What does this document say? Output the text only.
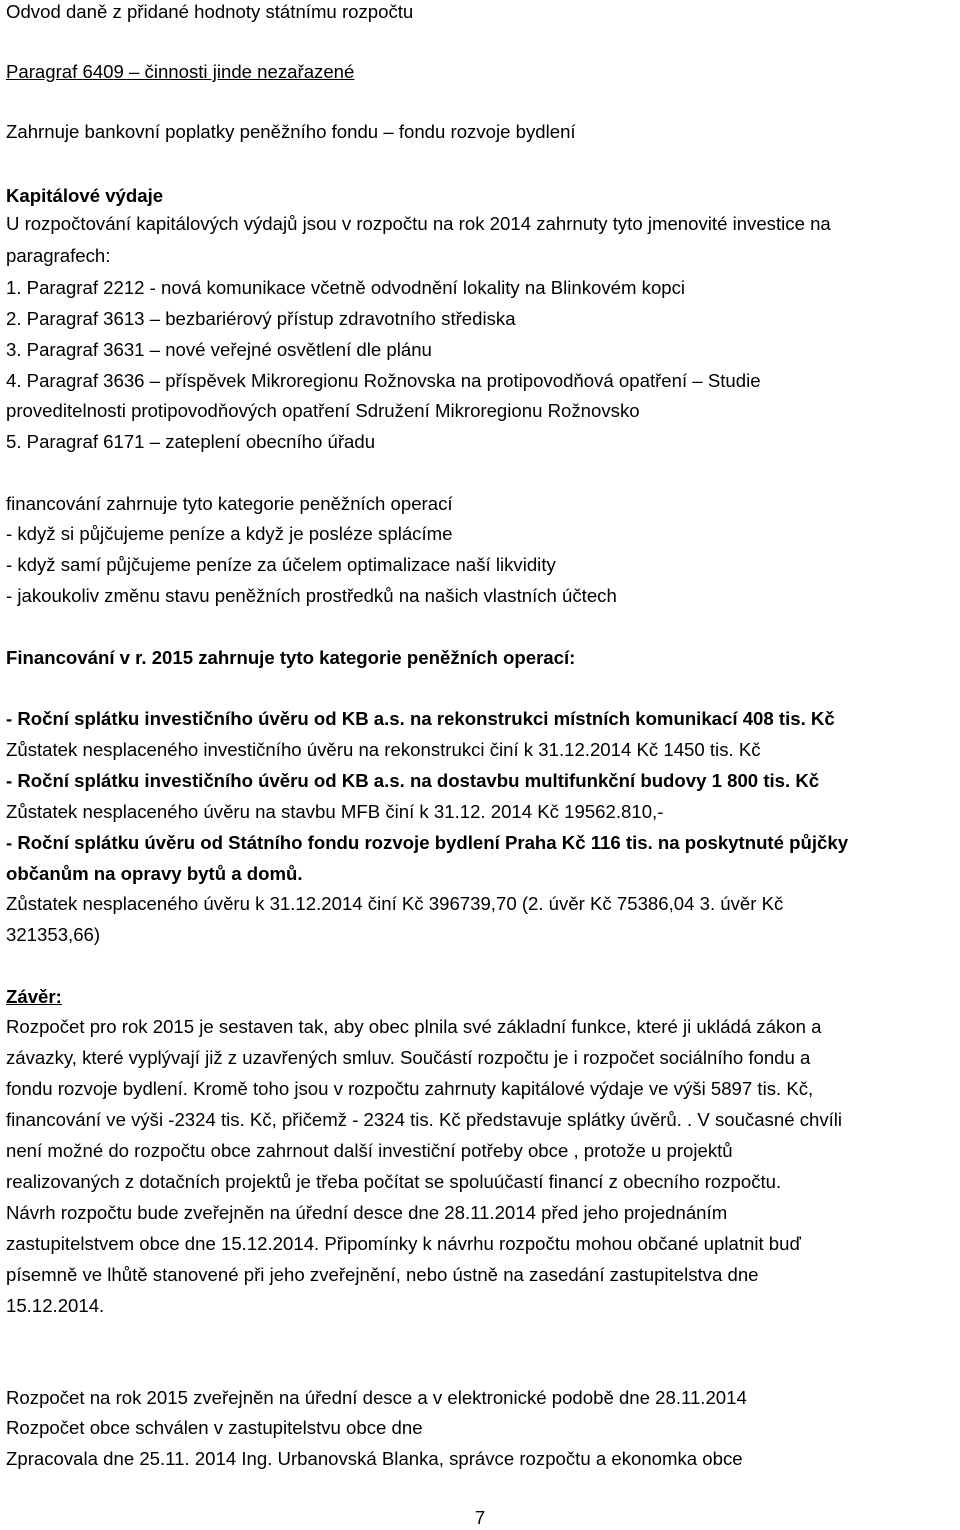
Odvod daně z přidané hodnoty státnímu rozpočtu
Paragraf 6409 – činnosti jinde nezařazené
Zahrnuje bankovní poplatky peněžního fondu – fondu rozvoje bydlení
Kapitálové výdaje
U rozpočtování kapitálových výdajů jsou v rozpočtu na rok 2014 zahrnuty tyto jmenovité investice na
paragrafech:
1. Paragraf 2212 - nová komunikace včetně odvodnění lokality na Blinkovém kopci
2. Paragraf 3613 – bezbariérový přístup zdravotního střediska
3. Paragraf 3631 – nové veřejné osvětlení dle plánu
4. Paragraf 3636 – příspěvek Mikroregionu Rožnovska na protipovodňová opatření – Studie
proveditelnosti protipovodňových opatření Sdružení Mikroregionu Rožnovsko
5. Paragraf 6171 – zateplení obecního úřadu
financování zahrnuje tyto kategorie peněžních operací
- když si půjčujeme peníze a když je posléze splácíme
- když samí půjčujeme peníze za účelem optimalizace naší likvidity
- jakoukoliv změnu stavu peněžních prostředků na našich vlastních účtech
Financování v r. 2015 zahrnuje tyto kategorie peněžních operací:
- Roční splátku investičního úvěru od KB a.s. na rekonstrukci místních komunikací 408 tis. Kč
Zůstatek nesplaceného investičního úvěru na rekonstrukci činí k 31.12.2014 Kč 1450 tis. Kč
- Roční splátku investičního úvěru od KB a.s. na dostavbu multifunkční budovy 1 800 tis. Kč
Zůstatek nesplaceného úvěru na stavbu MFB činí k 31.12. 2014 Kč 19562.810,-
- Roční splátku úvěru od Státního fondu rozvoje bydlení Praha Kč 116 tis. na poskytnuté půjčky
občanům na opravy bytů a domů.
Zůstatek nesplaceného úvěru k 31.12.2014 činí Kč 396739,70 (2. úvěr Kč 75386,04 3. úvěr Kč
321353,66)
Závěr:
Rozpočet pro rok 2015 je sestaven tak, aby obec plnila své základní funkce, které ji ukládá zákon a
závazky, které vyplývají již z uzavřených smluv. Součástí rozpočtu je i rozpočet sociálního fondu a
fondu rozvoje bydlení. Kromě toho jsou v rozpočtu zahrnuty kapitálové výdaje ve výši 5897 tis. Kč,
financování ve výši -2324 tis. Kč, přičemž - 2324 tis. Kč představuje splátky úvěrů. . V současné chvíli
není možné do rozpočtu obce zahrnout další investiční potřeby obce , protože u projektů
realizovaných z dotačních projektů je třeba počítat se spoluúčastí financí z obecního rozpočtu.
Návrh rozpočtu bude zveřejněn na úřední desce dne 28.11.2014 před jeho projednáním
zastupitelstvem obce dne 15.12.2014. Připomínky k návrhu rozpočtu mohou občané uplatnit buď
písemně ve lhůtě stanovené při jeho zveřejnění, nebo ústně na zasedání zastupitelstva dne
15.12.2014.
Rozpočet na rok 2015 zveřejněn na úřední desce a v elektronické podobě dne 28.11.2014
Rozpočet obce schválen v zastupitelstvu obce dne
Zpracovala dne 25.11. 2014 Ing. Urbanovská Blanka, správce rozpočtu a ekonomka obce
7
